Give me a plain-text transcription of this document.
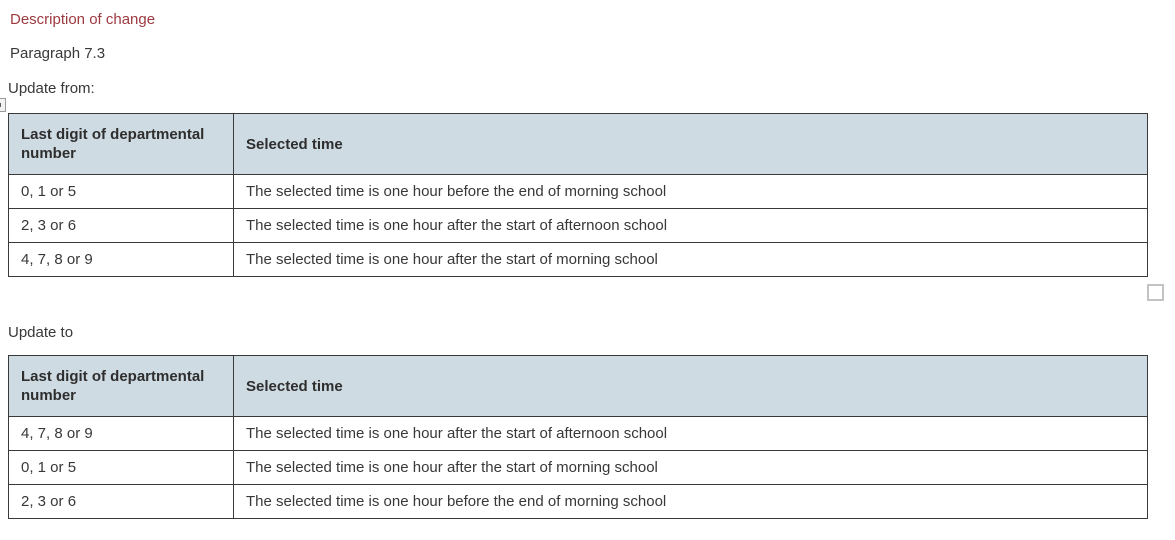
Description of change
Paragraph 7.3
Update from:
Last digit of departmental number	Selected time
0, 1 or 5	The selected time is one hour before the end of morning school
2, 3 or 6	The selected time is one hour after the start of afternoon school
4, 7, 8 or 9	The selected time is one hour after the start of morning school
Update to
Last digit of departmental number	Selected time
4, 7, 8 or 9	The selected time is one hour after the start of afternoon school
0, 1 or 5	The selected time is one hour after the start of morning school
2, 3 or 6	The selected time is one hour before the end of morning school
